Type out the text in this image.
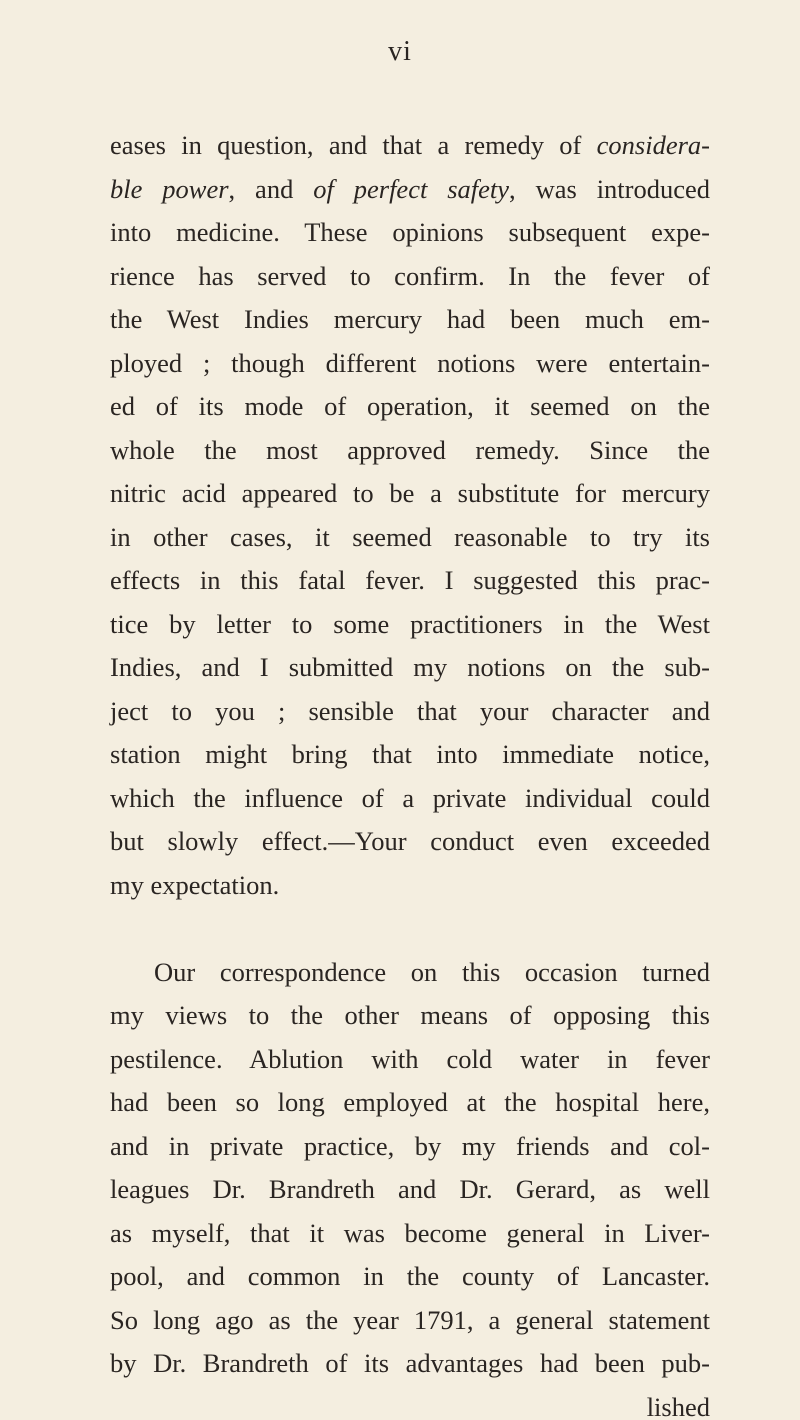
vi
eases in question, and that a remedy of considera-
ble power, and of perfect safety, was introduced
into medicine. These opinions subsequent expe-
rience has served to confirm. In the fever of
the West Indies mercury had been much em-
ployed ; though different notions were entertain-
ed of its mode of operation, it seemed on the
whole the most approved remedy. Since the
nitric acid appeared to be a substitute for mercury
in other cases, it seemed reasonable to try its
effects in this fatal fever. I suggested this prac-
tice by letter to some practitioners in the West
Indies, and I submitted my notions on the sub-
ject to you ; sensible that your character and
station might bring that into immediate notice,
which the influence of a private individual could
but slowly effect.—Your conduct even exceeded
my expectation.
Our correspondence on this occasion turned
my views to the other means of opposing this
pestilence. Ablution with cold water in fever
had been so long employed at the hospital here,
and in private practice, by my friends and col-
leagues Dr. Brandreth and Dr. Gerard, as well
as myself, that it was become general in Liver-
pool, and common in the county of Lancaster.
So long ago as the year 1791, a general statement
by Dr. Brandreth of its advantages had been pub-
lished
